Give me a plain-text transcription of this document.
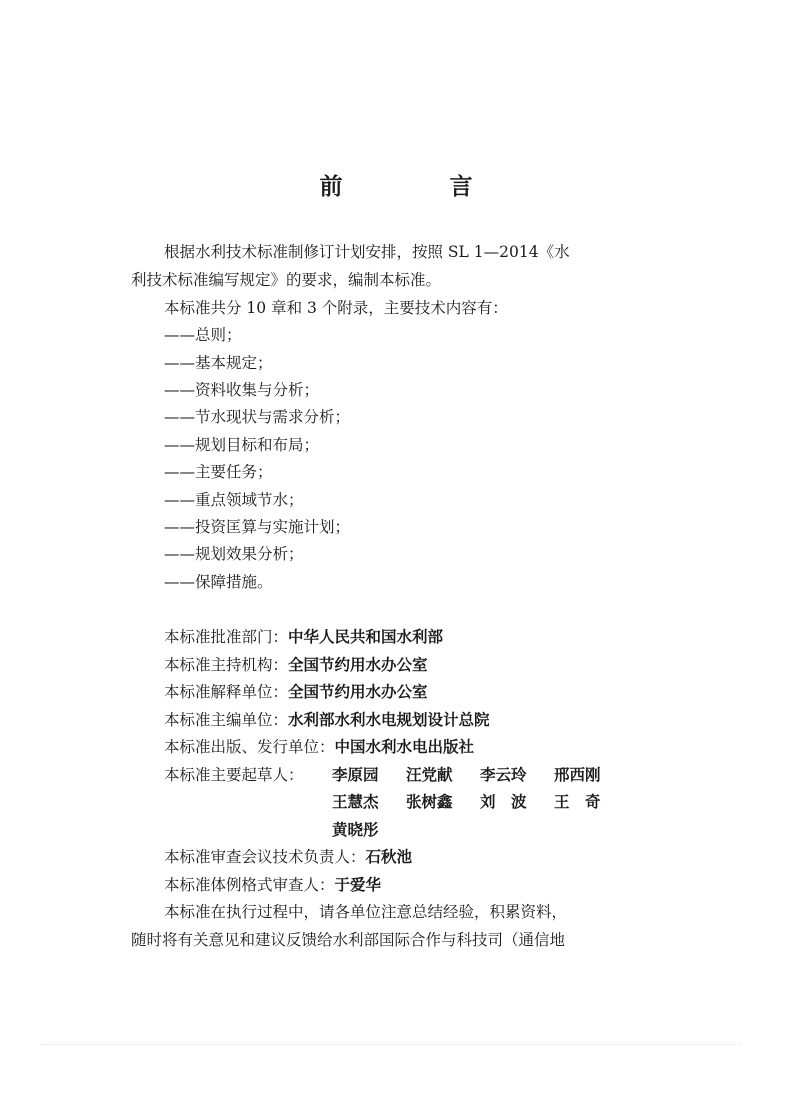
前　言
根据水利技术标准制修订计划安排，按照 SL 1—2014《水
利技术标准编写规定》的要求，编制本标准。
本标准共分 10 章和 3 个附录，主要技术内容有：
——总则；
——基本规定；
——资料收集与分析；
——节水现状与需求分析；
——规划目标和布局；
——主要任务；
——重点领域节水；
——投资匡算与实施计划；
——规划效果分析；
——保障措施。
本标准批准部门：中华人民共和国水利部
本标准主持机构：全国节约用水办公室
本标准解释单位：全国节约用水办公室
本标准主编单位：水利部水利水电规划设计总院
本标准出版、发行单位：中国水利水电出版社
本标准主要起草人： 李原园 汪党献 李云玲 邢西刚
王慧杰 张树鑫 刘　波 王　奇
黄晓彤
本标准审查会议技术负责人：石秋池
本标准体例格式审查人：于爱华
本标准在执行过程中，请各单位注意总结经验，积累资料，
随时将有关意见和建议反馈给水利部国际合作与科技司（通信地
